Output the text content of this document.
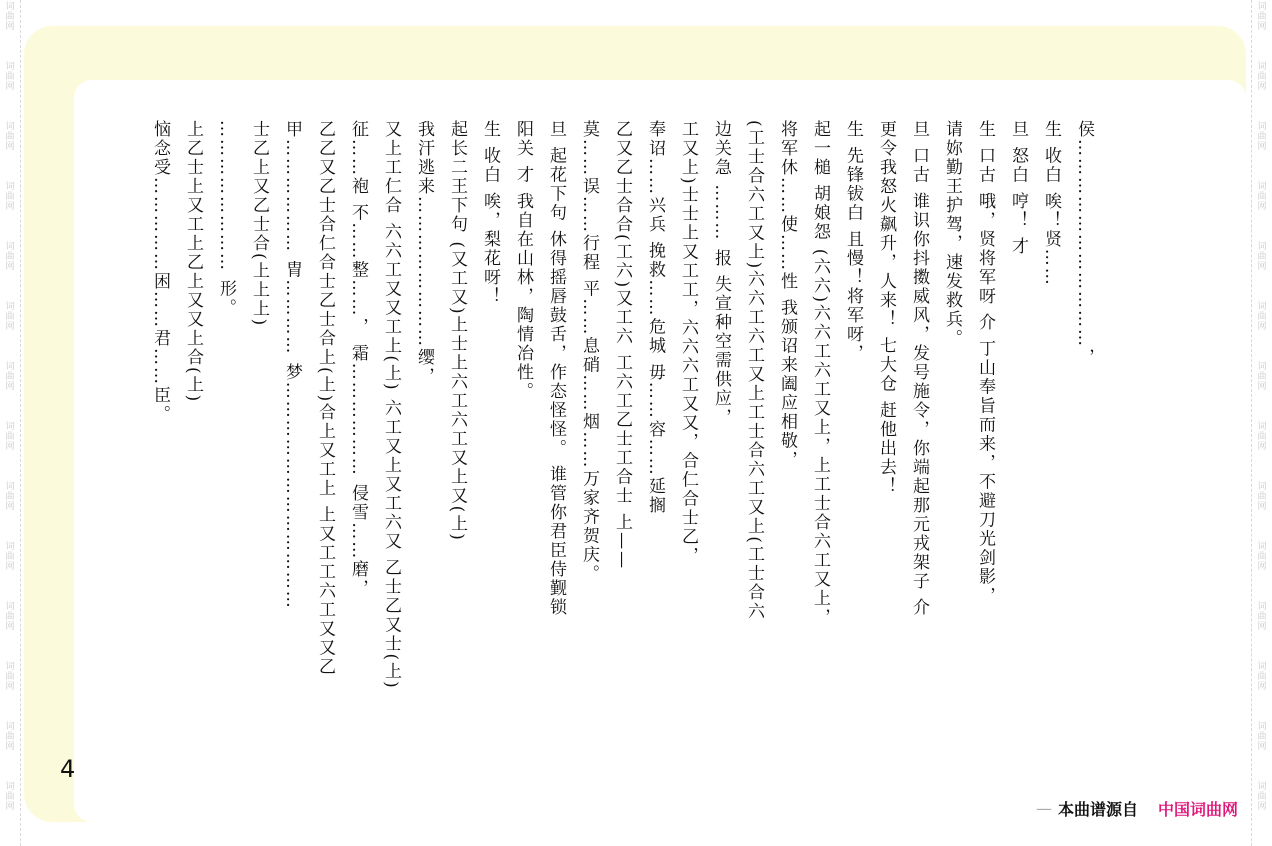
词曲网
词曲网
词曲网
词曲网
词曲网
词曲网
词曲网
词曲网
词曲网
词曲网
词曲网
词曲网
词曲网
词曲网
词曲网
词曲网
词曲网
词曲网
词曲网
词曲网
词曲网
词曲网
词曲网
词曲网
词曲网
词曲网
词曲网
词曲网
侯……………………………，
生 收白 唉！贤……
旦 怒白 哼！ 才
生 口古 哦，贤将军呀 介 丁山奉旨而来，不避刀光剑影，
请妳勤王护驾，速发救兵。
旦 口古 谁识你抖擞威风，发号施令，你端起那元戎架子 介
更令我怒火飙升，人来！ 七大仓 赶他出去！
生 先锋钹白 且慢！将军呀，
起一槌 胡娘怨 (六六)六六工六工又上，上工士合六工又上，
将军休……使……性 我颁诏来阖应相敬，
(工士合六工又上)六六工六工又上工士合六工又上(工士合六
边关急 ……… 报 失宣种空需供应，
工又上)士士上又工工，六六六工又又，合仁合士乙，
奉诏……兴兵 挽救……危城 毋……容……延搁
乙又乙士合合(工六)又工六 工六工乙士工合士 上——
莫……误……行程 平……息硝……烟……万家齐贺庆。
旦 起花下句 休得摇唇鼓舌，作态怪怪。 谁管你君臣侍觐锁
阳关 才 我自在山林，陶情冶性。
生 收白 唉，梨花呀！
起长二王下句 (又工又)上士上六工六工又上又(上)
我汗逃来……………………缨，
又上工仁合 六六工又又工上(上) 六工又上又工六又 乙士乙又士(上)
征……袍 不……整……， 霜……………… 侵雪……磨，
乙乙又乙士合仁合士乙士合上(上)合上又工上 上又工工六工又又乙
甲……………… 胄………… 梦………………………………
士乙上又乙士合(上上上)
…………………… 形。
上乙士上又工上乙上又又上合(上)
恼念受……………困……君……臣。
4
— 本曲谱源自 中国词曲网
